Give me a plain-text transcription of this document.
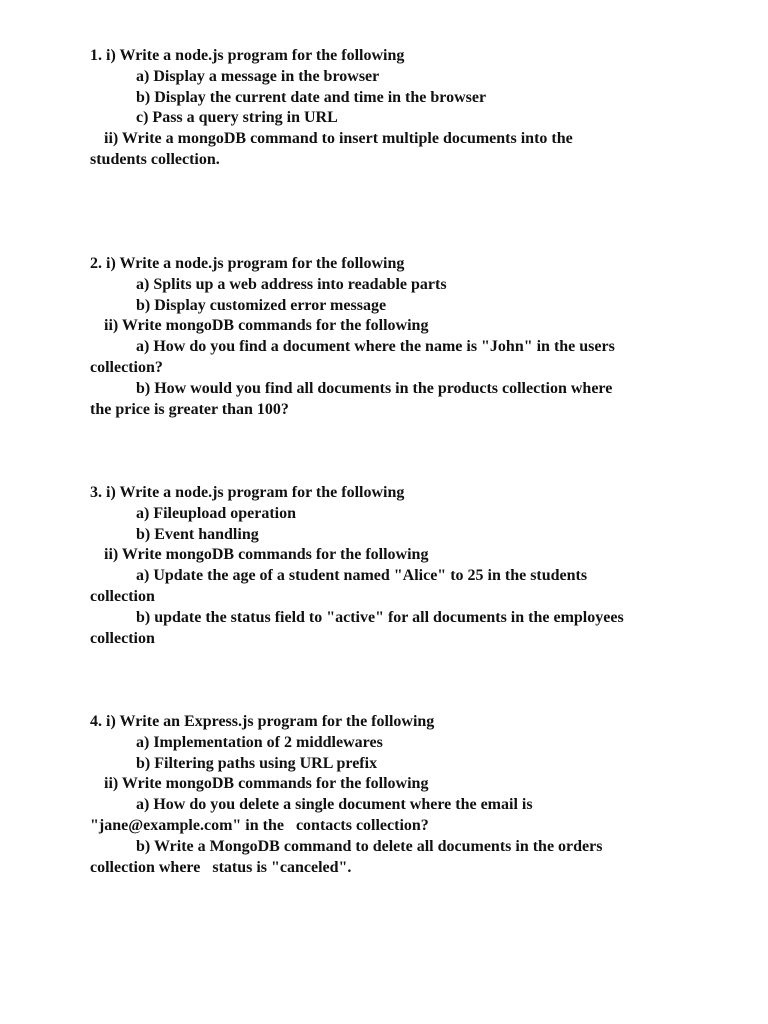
1. i) Write a node.js program for the following
a) Display a message in the browser
b) Display the current date and time in the browser
c) Pass a query string in URL
ii) Write a mongoDB command to insert multiple documents into the
students collection.
2. i) Write a node.js program for the following
a) Splits up a web address into readable parts
b) Display customized error message
ii) Write mongoDB commands for the following
a) How do you find a document where the name is "John" in the users
collection?
b) How would you find all documents in the products collection where
the price is greater than 100?
3. i) Write a node.js program for the following
a) Fileupload operation
b) Event handling
ii) Write mongoDB commands for the following
a) Update the age of a student named "Alice" to 25 in the students
collection
b) update the status field to "active" for all documents in the employees
collection
4. i) Write an Express.js program for the following
a) Implementation of 2 middlewares
b) Filtering paths using URL prefix
ii) Write mongoDB commands for the following
a) How do you delete a single document where the email is
"jane@example.com" in the   contacts collection?
b) Write a MongoDB command to delete all documents in the orders
collection where   status is "canceled".
